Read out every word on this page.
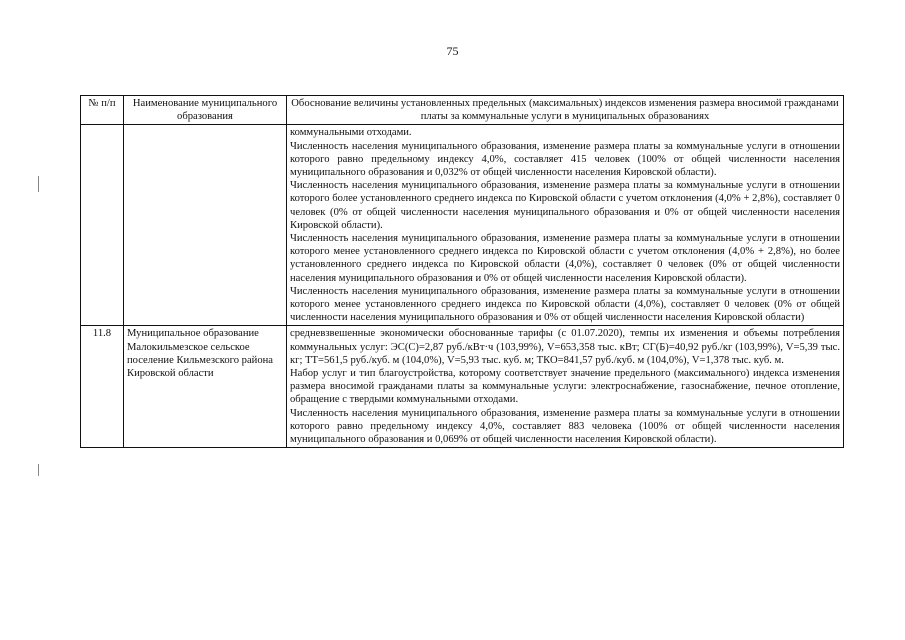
75
№ п/п	Наименование муниципального образования	Обоснование величины установленных предельных (максимальных) индексов изменения размера вносимой гражданами платы за коммунальные услуги в муниципальных образованиях

		коммунальными отходами.
Численность населения муниципального образования, изменение размера платы за коммунальные услуги в отношении которого равно предельному индексу 4,0%, составляет 415 человек (100% от общей численности населения муниципального образования и 0,032% от общей численности населения Кировской области).
Численность населения муниципального образования, изменение размера платы за коммунальные услуги в отношении которого более установленного среднего индекса по Кировской области с учетом отклонения (4,0% + 2,8%), составляет 0 человек (0% от общей численности населения муниципального образования и 0% от общей численности населения Кировской области).
Численность населения муниципального образования, изменение размера платы за коммунальные услуги в отношении которого менее установленного среднего индекса по Кировской области с учетом отклонения (4,0% + 2,8%), но более установленного среднего индекса по Кировской области (4,0%), составляет 0 человек (0% от общей численности населения муниципального образования и 0% от общей численности населения Кировской области).
Численность населения муниципального образования, изменение размера платы за коммунальные услуги в отношении которого менее установленного среднего индекса по Кировской области (4,0%), составляет 0 человек (0% от общей численности населения муниципального образования и 0% от общей численности населения Кировской области)

11.8	Муниципальное образование Малокильмезское сельское поселение Кильмезского района Кировской области	средневзвешенные экономически обоснованные тарифы (с 01.07.2020), темпы их изменения и объемы потребления коммунальных услуг: ЭС(С)=2,87 руб./кВт·ч (103,99%), V=653,358 тыс. кВт; СГ(Б)=40,92 руб./кг (103,99%), V=5,39 тыс. кг; ТТ=561,5 руб./куб. м (104,0%), V=5,93 тыс. куб. м; ТКО=841,57 руб./куб. м (104,0%), V=1,378 тыс. куб. м.
Набор услуг и тип благоустройства, которому соответствует значение предельного (максимального) индекса изменения размера вносимой гражданами платы за коммунальные услуги: электроснабжение, газоснабжение, печное отопление, обращение с твердыми коммунальными отходами.
Численность населения муниципального образования, изменение размера платы за коммунальные услуги в отношении которого равно предельному индексу 4,0%, составляет 883 человека (100% от общей численности населения муниципального образования и 0,069% от общей численности населения Кировской области).
